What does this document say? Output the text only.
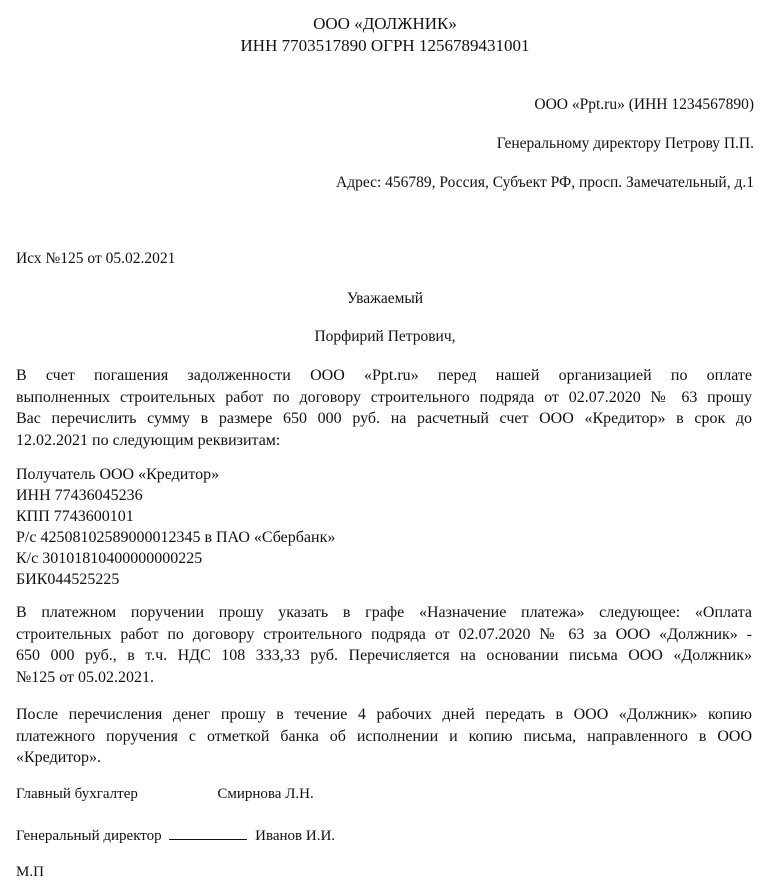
ООО «ДОЛЖНИК»
ИНН 7703517890 ОГРН 1256789431001
ООО «Ppt.ru» (ИНН 1234567890)
Генеральному директору Петрову П.П.
Адрес: 456789, Россия, Субъект РФ, просп. Замечательный, д.1
Исх №125 от 05.02.2021
Уважаемый
Порфирий Петрович,
В счет погашения задолженности ООО «Ppt.ru» перед нашей организацией по оплате
выполненных строительных работ по договору строительного подряда от 02.07.2020 № 63 прошу
Вас перечислить сумму в размере 650 000 руб. на расчетный счет ООО «Кредитор» в срок до
12.02.2021 по следующим реквизитам:
Получатель ООО «Кредитор»
ИНН 77436045236
КПП 7743600101
Р/с 42508102589000012345 в ПАО «Сбербанк»
К/с 30101810400000000225
БИК044525225
В платежном поручении прошу указать в графе «Назначение платежа» следующее: «Оплата
строительных работ по договору строительного подряда от 02.07.2020 № 63 за ООО «Должник» -
650 000 руб., в т.ч. НДС 108 333,33 руб. Перечисляется на основании письма ООО «Должник»
№125 от 05.02.2021.
После перечисления денег прошу в течение 4 рабочих дней передать в ООО «Должник» копию
платежного поручения с отметкой банка об исполнении и копию письма, направленного в ООО
«Кредитор».
Главный бухгалтер	Смирнова Л.Н.
Генеральный директор	Иванов И.И.
М.П
